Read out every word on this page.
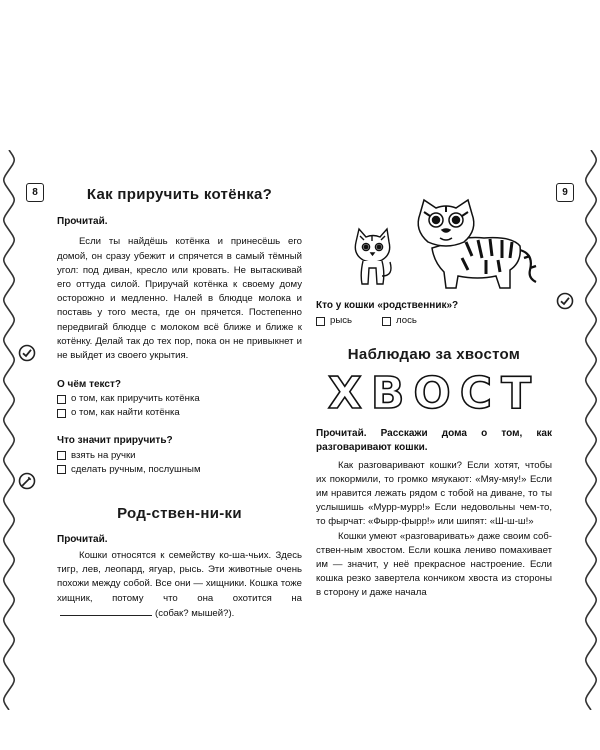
8	9
Как приручить котёнка?
Прочитай.

Если ты найдёшь котёнка и принесёшь его домой, он сразу убежит и спрячется в самый тёмный угол: под диван, кресло или кровать. Не вытаскивай его оттуда силой. Приручай котёнка к своему дому осторожно и медленно. Налей в блюдце молока и поставь у того места, где он прячется. Постепенно передвигай блюдце с молоком всё ближе и ближе к котёнку. Делай так до тех пор, пока он не привыкнет и не выйдет из своего укрытия.

О чём текст?
о том, как приручить котёнка
о том, как найти котёнка
Что значит приручить?
взять на ручки
сделать ручным, послушным
Род-ствен-ни-ки
Прочитай.

Кошки относятся к семейству ко-ша-чьих. Здесь тигр, лев, леопард, ягуар, рысь. Эти животные очень похожи между собой. Все они — хищники. Кошка тоже хищник, потому что она охотится на(собак? мышей?).

Кто у кошки «родственник»?
рысь	лось
Наблюдаю за хвостом
ХВОСТ

Прочитай. Расскажи дома о том, как разговаривают кошки.

Как разговаривают кошки? Если хотят, чтобы их покормили, то громко мяукают: «Мяу-мяу!» Если им нравится лежать рядом с тобой на диване, то ты услышишь «Мурр-мурр!» Если недовольны чем-то, то фырчат: «Фырр-фырр!» или шипят: «Ш-ш-ш!»

Кошки умеют «разговаривать» даже своим соб-ствен-ным хвостом. Если кошка лениво помахивает им — значит, у неё прекрасное настроение. Если кошка резко завертела кончиком хвоста из стороны в сторону и даже начала
